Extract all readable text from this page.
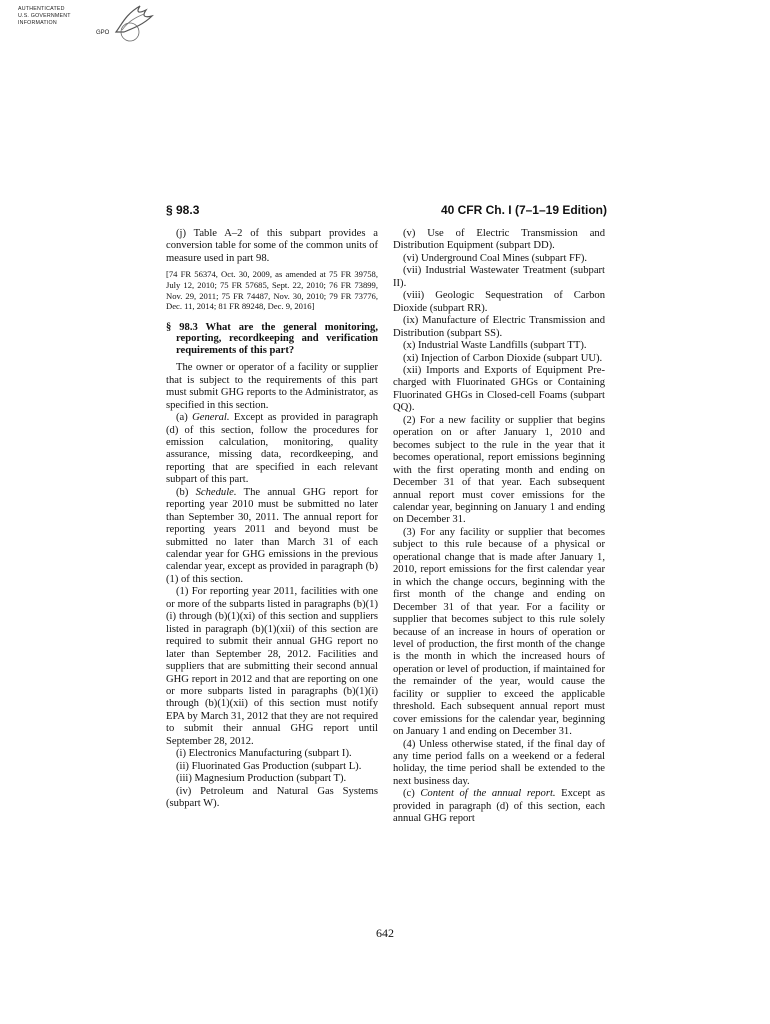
AUTHENTICATED
U.S. GOVERNMENT
INFORMATION
GPO
§ 98.3	40 CFR Ch. I (7–1–19 Edition)

(j) Table A–2 of this subpart provides a conversion table for some of the common units of measure used in part 98.

[74 FR 56374, Oct. 30, 2009, as amended at 75 FR 39758, July 12, 2010; 75 FR 57685, Sept. 22, 2010; 76 FR 73899, Nov. 29, 2011; 75 FR 74487, Nov. 30, 2010; 79 FR 73776, Dec. 11, 2014; 81 FR 89248, Dec. 9, 2016]

§ 98.3 What are the general monitoring, reporting, recordkeeping and verification requirements of this part?

The owner or operator of a facility or supplier that is subject to the requirements of this part must submit GHG reports to the Administrator, as specified in this section.

(a) General. Except as provided in paragraph (d) of this section, follow the procedures for emission calculation, monitoring, quality assurance, missing data, recordkeeping, and reporting that are specified in each relevant subpart of this part.

(b) Schedule. The annual GHG report for reporting year 2010 must be submitted no later than September 30, 2011. The annual report for reporting years 2011 and beyond must be submitted no later than March 31 of each calendar year for GHG emissions in the previous calendar year, except as provided in paragraph (b)(1) of this section.

(1) For reporting year 2011, facilities with one or more of the subparts listed in paragraphs (b)(1)(i) through (b)(1)(xi) of this section and suppliers listed in paragraph (b)(1)(xii) of this section are required to submit their annual GHG report no later than September 28, 2012. Facilities and suppliers that are submitting their second annual GHG report in 2012 and that are reporting on one or more subparts listed in paragraphs (b)(1)(i) through (b)(1)(xii) of this section must notify EPA by March 31, 2012 that they are not required to submit their annual GHG report until September 28, 2012.

(i) Electronics Manufacturing (subpart I).

(ii) Fluorinated Gas Production (subpart L).

(iii) Magnesium Production (subpart T).

(iv) Petroleum and Natural Gas Systems (subpart W).

(v) Use of Electric Transmission and Distribution Equipment (subpart DD).

(vi) Underground Coal Mines (subpart FF).

(vii) Industrial Wastewater Treatment (subpart II).

(viii) Geologic Sequestration of Carbon Dioxide (subpart RR).

(ix) Manufacture of Electric Transmission and Distribution (subpart SS).

(x) Industrial Waste Landfills (subpart TT).

(xi) Injection of Carbon Dioxide (subpart UU).

(xii) Imports and Exports of Equipment Pre-charged with Fluorinated GHGs or Containing Fluorinated GHGs in Closed-cell Foams (subpart QQ).

(2) For a new facility or supplier that begins operation on or after January 1, 2010 and becomes subject to the rule in the year that it becomes operational, report emissions beginning with the first operating month and ending on December 31 of that year. Each subsequent annual report must cover emissions for the calendar year, beginning on January 1 and ending on December 31.

(3) For any facility or supplier that becomes subject to this rule because of a physical or operational change that is made after January 1, 2010, report emissions for the first calendar year in which the change occurs, beginning with the first month of the change and ending on December 31 of that year. For a facility or supplier that becomes subject to this rule solely because of an increase in hours of operation or level of production, the first month of the change is the month in which the increased hours of operation or level of production, if maintained for the remainder of the year, would cause the facility or supplier to exceed the applicable threshold. Each subsequent annual report must cover emissions for the calendar year, beginning on January 1 and ending on December 31.

(4) Unless otherwise stated, if the final day of any time period falls on a weekend or a federal holiday, the time period shall be extended to the next business day.

(c) Content of the annual report. Except as provided in paragraph (d) of this section, each annual GHG report

642
